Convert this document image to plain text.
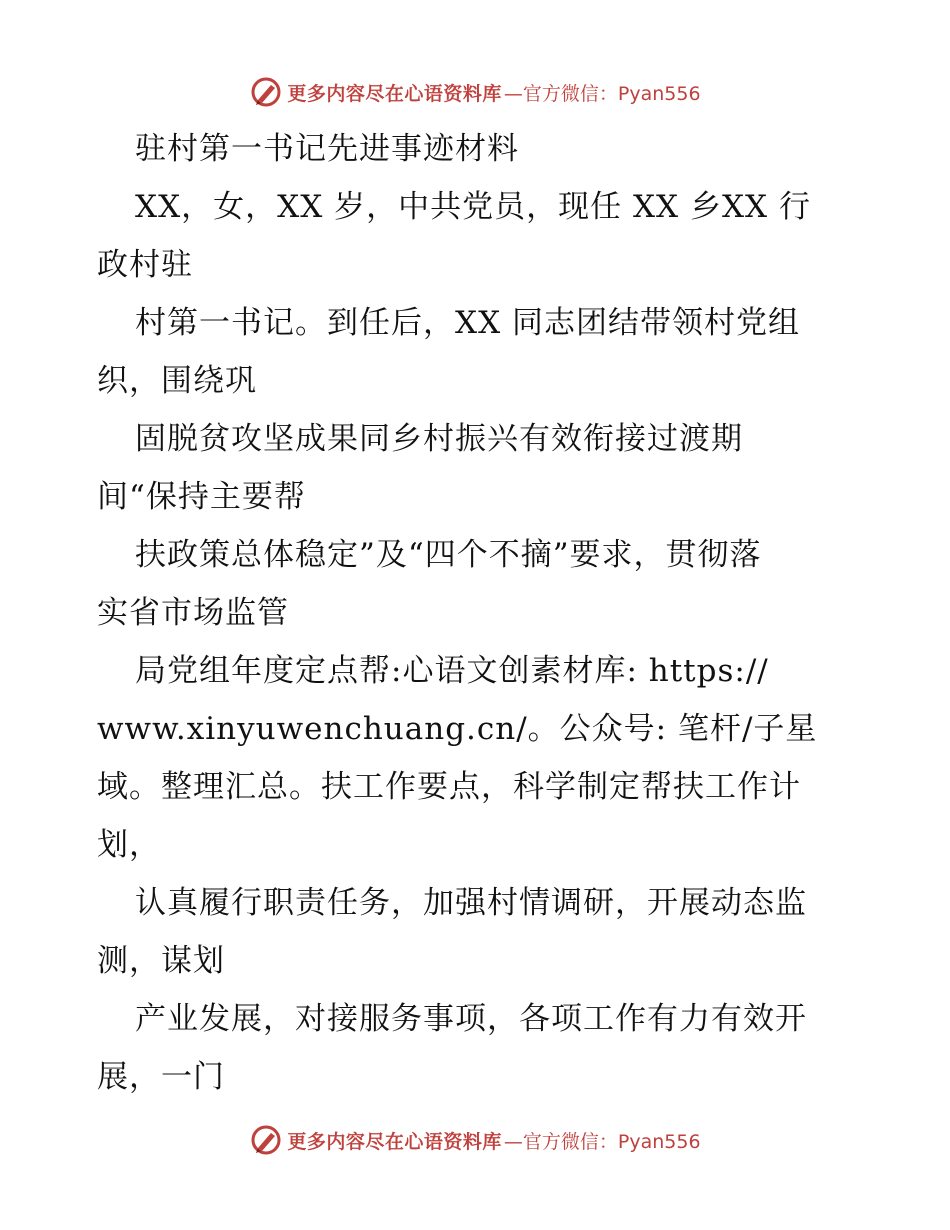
更多内容尽在心语资料库 —官方微信：Pyan556
驻村第一书记先进事迹材料
XX，女，XX 岁，中共党员，现任 XX 乡XX 行
政村驻
村第一书记。到任后，XX 同志团结带领村党组
织，围绕巩
固脱贫攻坚成果同乡村振兴有效衔接过渡期
间“保持主要帮
扶政策总体稳定”及“四个不摘”要求，贯彻落
实省市场监管
局党组年度定点帮:心语文创素材库: https://
www.xinyuwenchuang.cn/。公众号: 笔杆/子星
域。整理汇总。扶工作要点，科学制定帮扶工作计
划，
认真履行职责任务，加强村情调研，开展动态监
测，谋划
产业发展，对接服务事项，各项工作有力有效开
展，一门
更多内容尽在心语资料库 —官方微信：Pyan556
